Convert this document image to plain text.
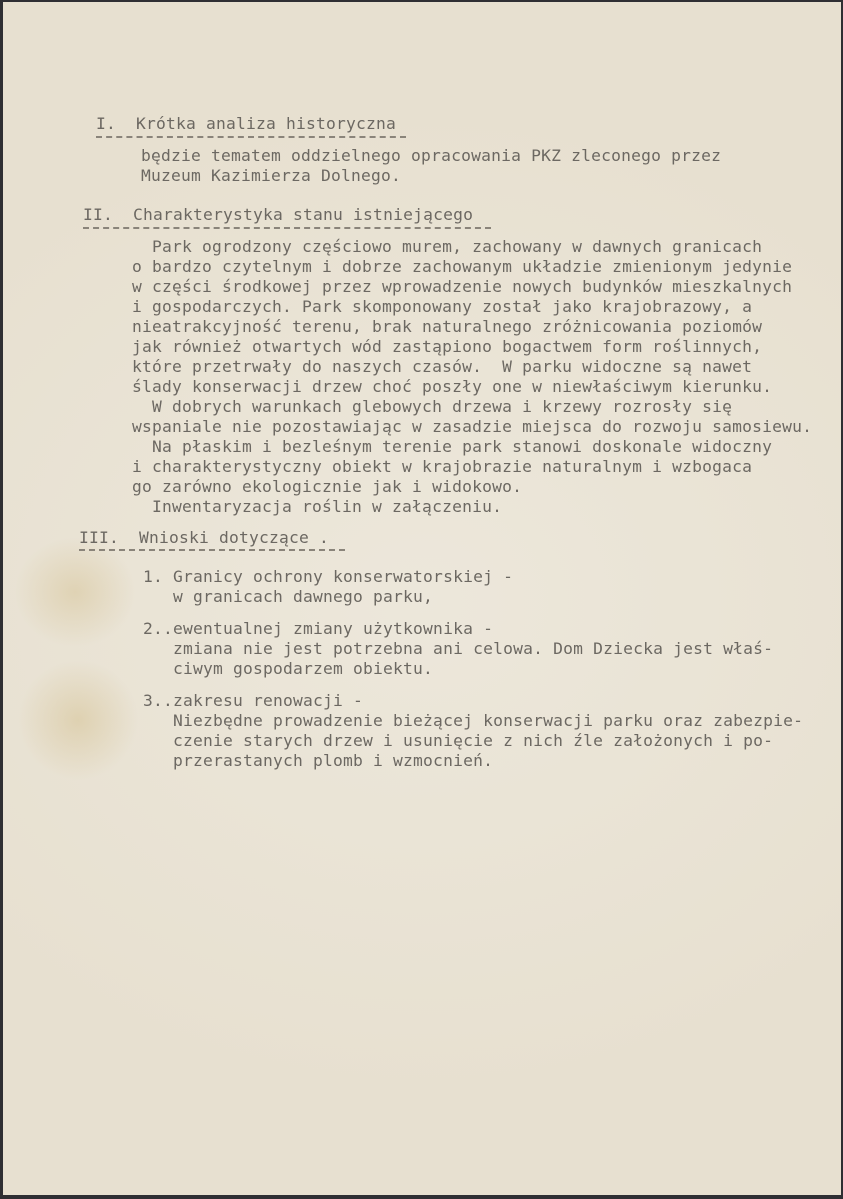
I.  Krótka analiza historyczna
będzie tematem oddzielnego opracowania PKZ zleconego przez
Muzeum Kazimierza Dolnego.
II.  Charakterystyka stanu istniejącego
Park ogrodzony częściowo murem, zachowany w dawnych granicach
o bardzo czytelnym i dobrze zachowanym układzie zmienionym jedynie
w części środkowej przez wprowadzenie nowych budynków mieszkalnych
i gospodarczych. Park skomponowany został jako krajobrazowy, a
nieatrakcyjność terenu, brak naturalnego zróżnicowania poziomów
jak również otwartych wód zastąpiono bogactwem form roślinnych,
które przetrwały do naszych czasów.  W parku widoczne są nawet
ślady konserwacji drzew choć poszły one w niewłaściwym kierunku.
W dobrych warunkach glebowych drzewa i krzewy rozrosły się
wspaniale nie pozostawiając w zasadzie miejsca do rozwoju samosiewu.
Na płaskim i bezleśnym terenie park stanowi doskonale widoczny
i charakterystyczny obiekt w krajobrazie naturalnym i wzbogaca
go zarówno ekologicznie jak i widokowo.
Inwentaryzacja roślin w załączeniu.
III.  Wnioski dotyczące .
1. Granicy ochrony konserwatorskiej -
w granicach dawnego parku,
2..ewentualnej zmiany użytkownika -
zmiana nie jest potrzebna ani celowa. Dom Dziecka jest właś-
ciwym gospodarzem obiektu.
3..zakresu renowacji -
Niezbędne prowadzenie bieżącej konserwacji parku oraz zabezpie-
czenie starych drzew i usunięcie z nich źle założonych i po-
przerastanych plomb i wzmocnień.
